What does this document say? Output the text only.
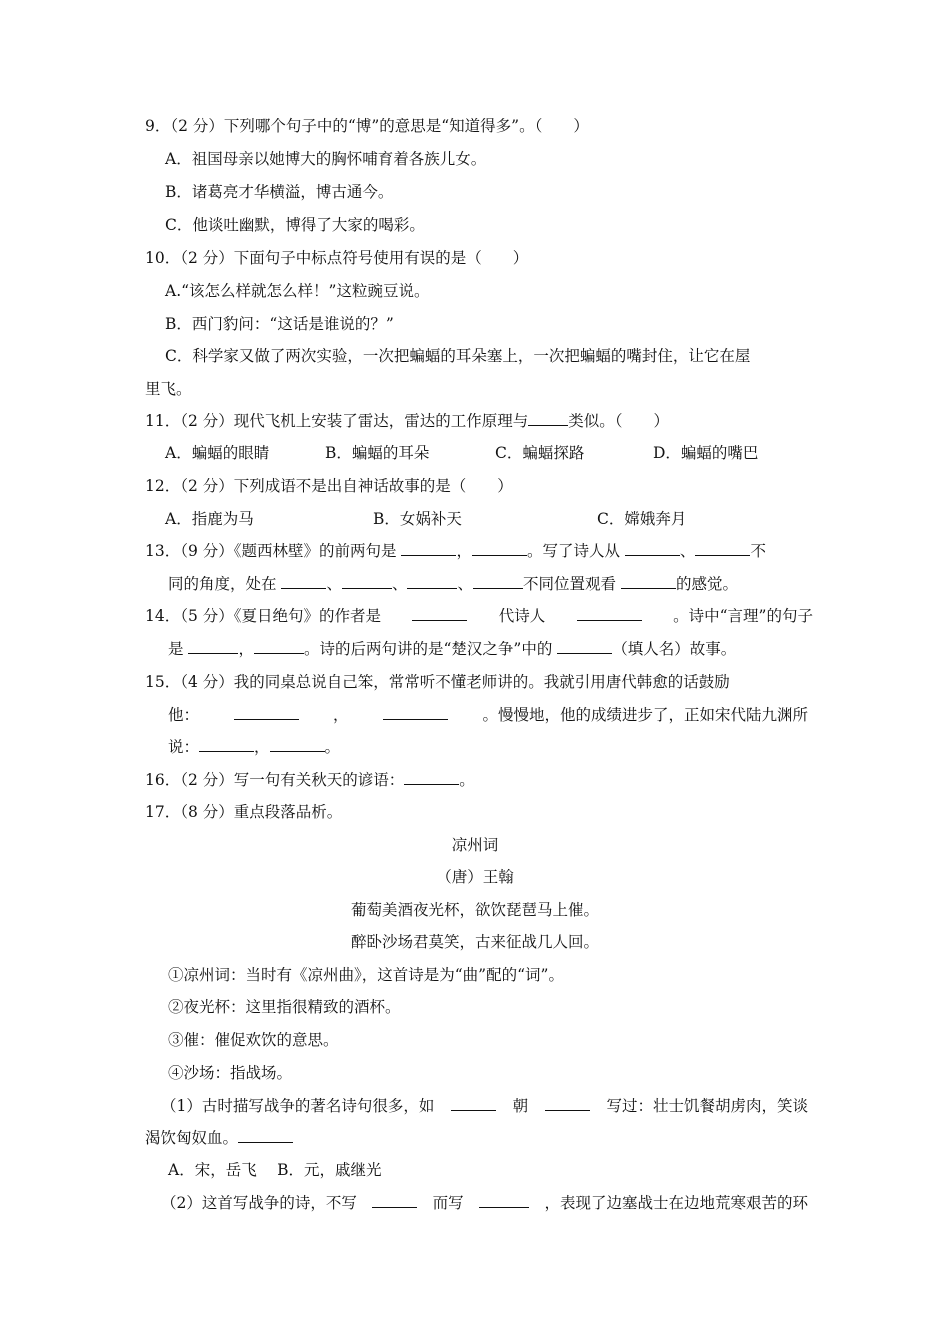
9．（2 分）下列哪个句子中的“博”的意思是“知道得多”。（　　）
A．祖国母亲以她博大的胸怀哺育着各族儿女。
B．诸葛亮才华横溢，博古通今。
C．他谈吐幽默，博得了大家的喝彩。
10．（2 分）下面句子中标点符号使用有误的是（　　）
A.“该怎么样就怎么样！”这粒豌豆说。
B．西门豹问：“这话是谁说的？”
C．科学家又做了两次实验，一次把蝙蝠的耳朵塞上，一次把蝙蝠的嘴封住，让它在屋
里飞。
11．（2 分）现代飞机上安装了雷达，雷达的工作原理与	类似。（　　）
A．蝙蝠的眼睛	B．蝙蝠的耳朵	C．蝙蝠探路	D．蝙蝠的嘴巴
12．（2 分）下列成语不是出自神话故事的是（　　）
A．指鹿为马	B．女娲补天	C．嫦娥奔月
13．（9 分）《题西林壁》的前两句是	，	。写了诗人从	、	不
同的角度，处在	、	、	、	不同位置观看	的感觉。
14．（5 分）《夏日绝句》的作者是	代诗人	。诗中“言理”的句子
是	，	。诗的后两句讲的是“楚汉之争”中的	（填人名）故事。
15．（4 分）我的同桌总说自己笨，常常听不懂老师讲的。我就引用唐代韩愈的话鼓励
他：	，	。慢慢地，他的成绩进步了，正如宋代陆九渊所
说：	，	。
16．（2 分）写一句有关秋天的谚语：	。
17．（8 分）重点段落品析。
凉州词
（唐）王翰
葡萄美酒夜光杯，欲饮琵琶马上催。
醉卧沙场君莫笑，古来征战几人回。
①凉州词：当时有《凉州曲》，这首诗是为“曲”配的“词”。
②夜光杯：这里指很精致的酒杯。
③催：催促欢饮的意思。
④沙场：指战场。
（1）古时描写战争的著名诗句很多，如	朝	写过：壮士饥餐胡虏肉，笑谈
渴饮匈奴血。
A．宋，岳飞　 B．元，戚继光
（2）这首写战争的诗，不写	而写	，表现了边塞战士在边地荒寒艰苦的环
